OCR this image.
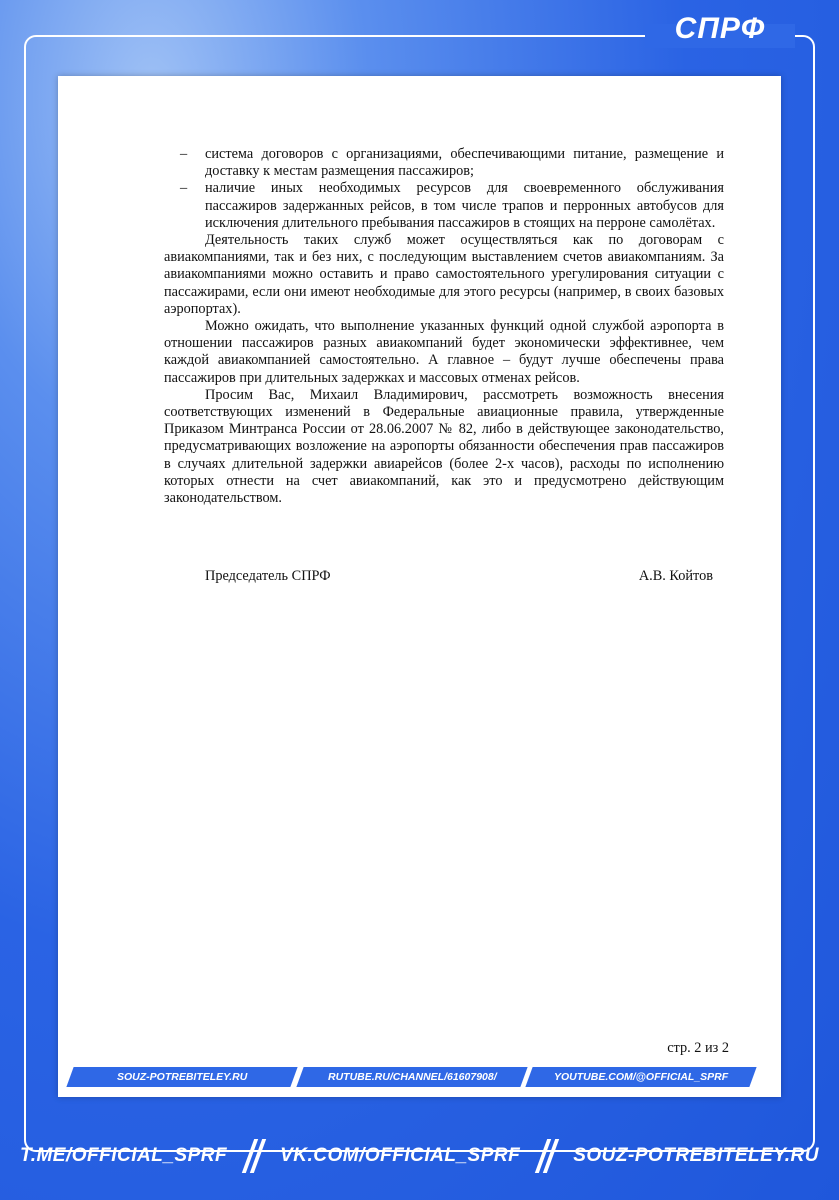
СПРФ
– система договоров с организациями, обеспечивающими питание, размещение и доставку к местам размещения пассажиров;
– наличие иных необходимых ресурсов для своевременного обслуживания пассажиров задержанных рейсов, в том числе трапов и перронных автобусов для исключения длительного пребывания пассажиров в стоящих на перроне самолётах.
Деятельность таких служб может осуществляться как по договорам с авиакомпаниями, так и без них, с последующим выставлением счетов авиакомпаниям. За авиакомпаниями можно оставить и право самостоятельного урегулирования ситуации с пассажирами, если они имеют необходимые для этого ресурсы (например, в своих базовых аэропортах).
Можно ожидать, что выполнение указанных функций одной службой аэропорта в отношении пассажиров разных авиакомпаний будет экономически эффективнее, чем каждой авиакомпанией самостоятельно. А главное – будут лучше обеспечены права пассажиров при длительных задержках и массовых отменах рейсов.
Просим Вас, Михаил Владимирович, рассмотреть возможность внесения соответствующих изменений в Федеральные авиационные правила, утвержденные Приказом Минтранса России от 28.06.2007 № 82, либо в действующее законодательство, предусматривающих возложение на аэропорты обязанности обеспечения прав пассажиров в случаях длительной задержки авиарейсов (более 2-х часов), расходы по исполнению которых отнести на счет авиакомпаний, как это и предусмотрено действующим законодательством.
Председатель СПРФ	А.В. Койтов
стр. 2 из 2
SOUZ-POTREBITELEY.RU	RUTUBE.RU/CHANNEL/61607908/	YOUTUBE.COM/@OFFICIAL_SPRF
T.ME/OFFICIAL_SPRF	VK.COM/OFFICIAL_SPRF	SOUZ-POTREBITELEY.RU
